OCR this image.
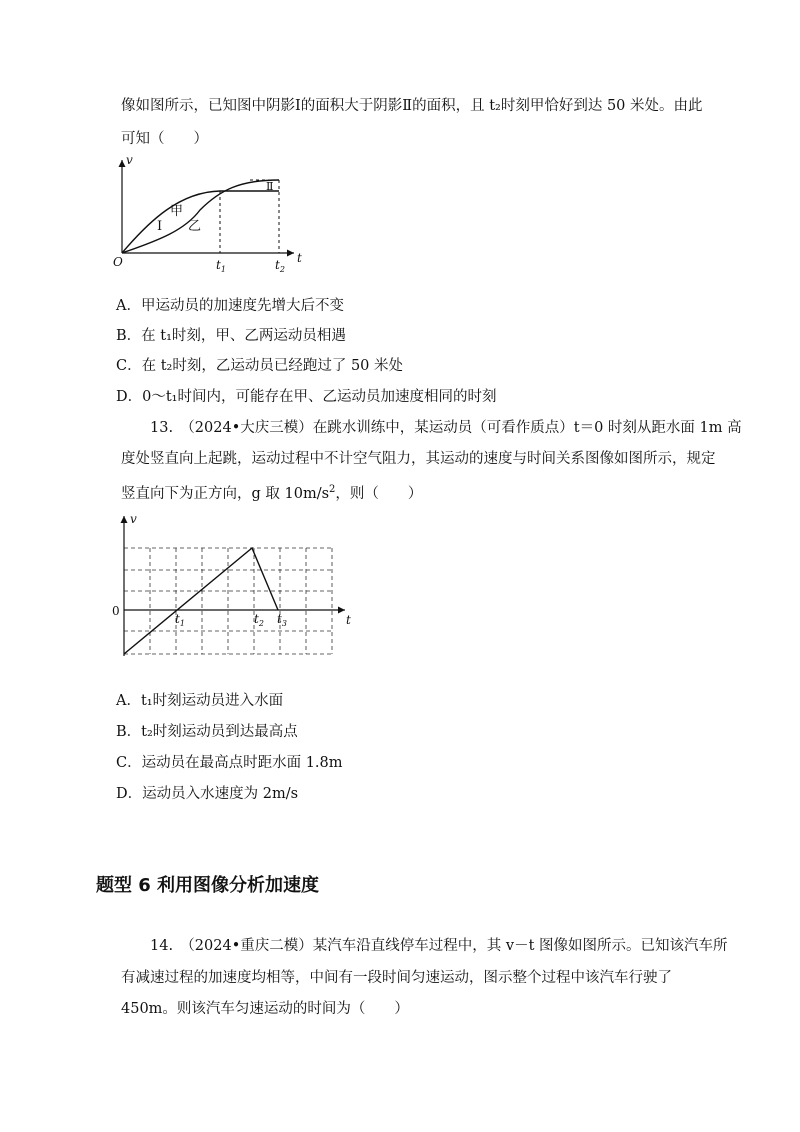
像如图所示，已知图中阴影Ⅰ的面积大于阴影Ⅱ的面积，且 t₂时刻甲恰好到达 50 米处。由此
可知（　　）
v
t
O
甲
乙
Ⅰ
Ⅱ
$t_1$	$t_2$
A．甲运动员的加速度先增大后不变
B．在 t₁时刻，甲、乙两运动员相遇
C．在 t₂时刻，乙运动员已经跑过了 50 米处
D．0～t₁时间内，可能存在甲、乙运动员加速度相同的时刻
13.　（2024•大庆三模）在跳水训练中，某运动员（可看作质点）t＝0 时刻从距水面 1m 高
度处竖直向上起跳，运动过程中不计空气阻力，其运动的速度与时间关系图像如图所示，规定
竖直向下为正方向，g 取 $10m/s^2$，则（　　）
v
t
0
$t_1$	$t_2$ $t_3$
A．t₁时刻运动员进入水面
B．t₂时刻运动员到达最高点
C．运动员在最高点时距水面 1.8m
D．运动员入水速度为 2m/s
题型 6 利用图像分析加速度
14.　（2024•重庆二模）某汽车沿直线停车过程中，其 v－t 图像如图所示。已知该汽车所
有减速过程的加速度均相等，中间有一段时间匀速运动，图示整个过程中该汽车行驶了
450m。则该汽车匀速运动的时间为（　　）
